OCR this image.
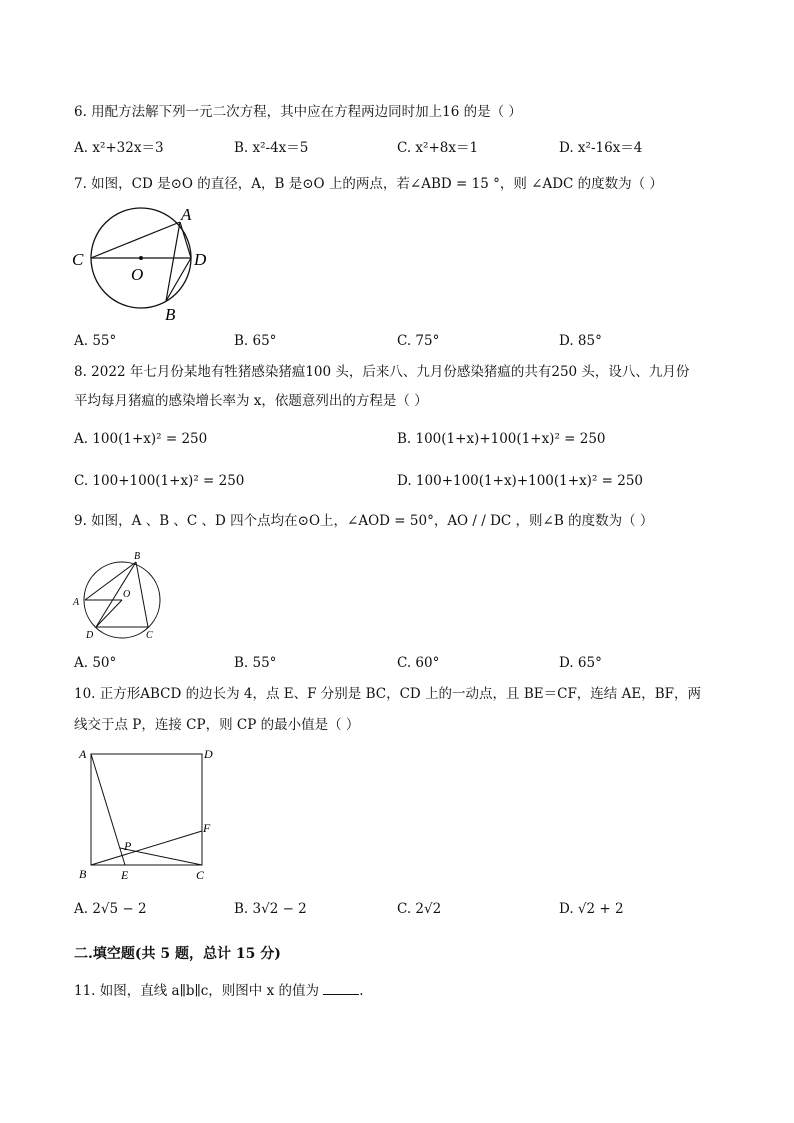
6. 用配方法解下列一元二次方程，其中应在方程两边同时加上16 的是（ ）
A. x²+32x＝3	B. x²-4x＝5	C. x²+8x＝1	D. x²-16x＝4
7. 如图，CD 是⊙O 的直径，A，B 是⊙O 上的两点，若∠ABD = 15 °，则 ∠ADC 的度数为（ ）
C	D
A
B
O
A. 55°	B. 65°	C. 75°	D. 85°
8. 2022 年七月份某地有牲猪感染猪瘟100 头，后来八、九月份感染猪瘟的共有250 头，设八、九月份
平均每月猪瘟的感染增长率为 x，依题意列出的方程是（ ）
A. 100(1+x)² = 250	B. 100(1+x)+100(1+x)² = 250
C. 100+100(1+x)² = 250	D. 100+100(1+x)+100(1+x)² = 250
9. 如图，A 、B 、C 、D 四个点均在⊙O上，∠AOD = 50°，AO / / DC ，则∠B 的度数为（ ）
A
B
C
D
O
A. 50°	B. 55°	C. 60°	D. 65°
10. 正方形ABCD 的边长为 4，点 E、F 分别是 BC，CD 上的一动点，且 BE＝CF，连结 AE，BF，两
线交于点 P，连接 CP，则 CP 的最小值是（ ）
A	D
B	C
E
F
P
A. 2√5 − 2	B. 3√2 − 2	C. 2√2	D. √2 + 2
二.填空题(共 5 题，总计 15 分)
11. 如图，直线 a∥b∥c，则图中 x 的值为	.
